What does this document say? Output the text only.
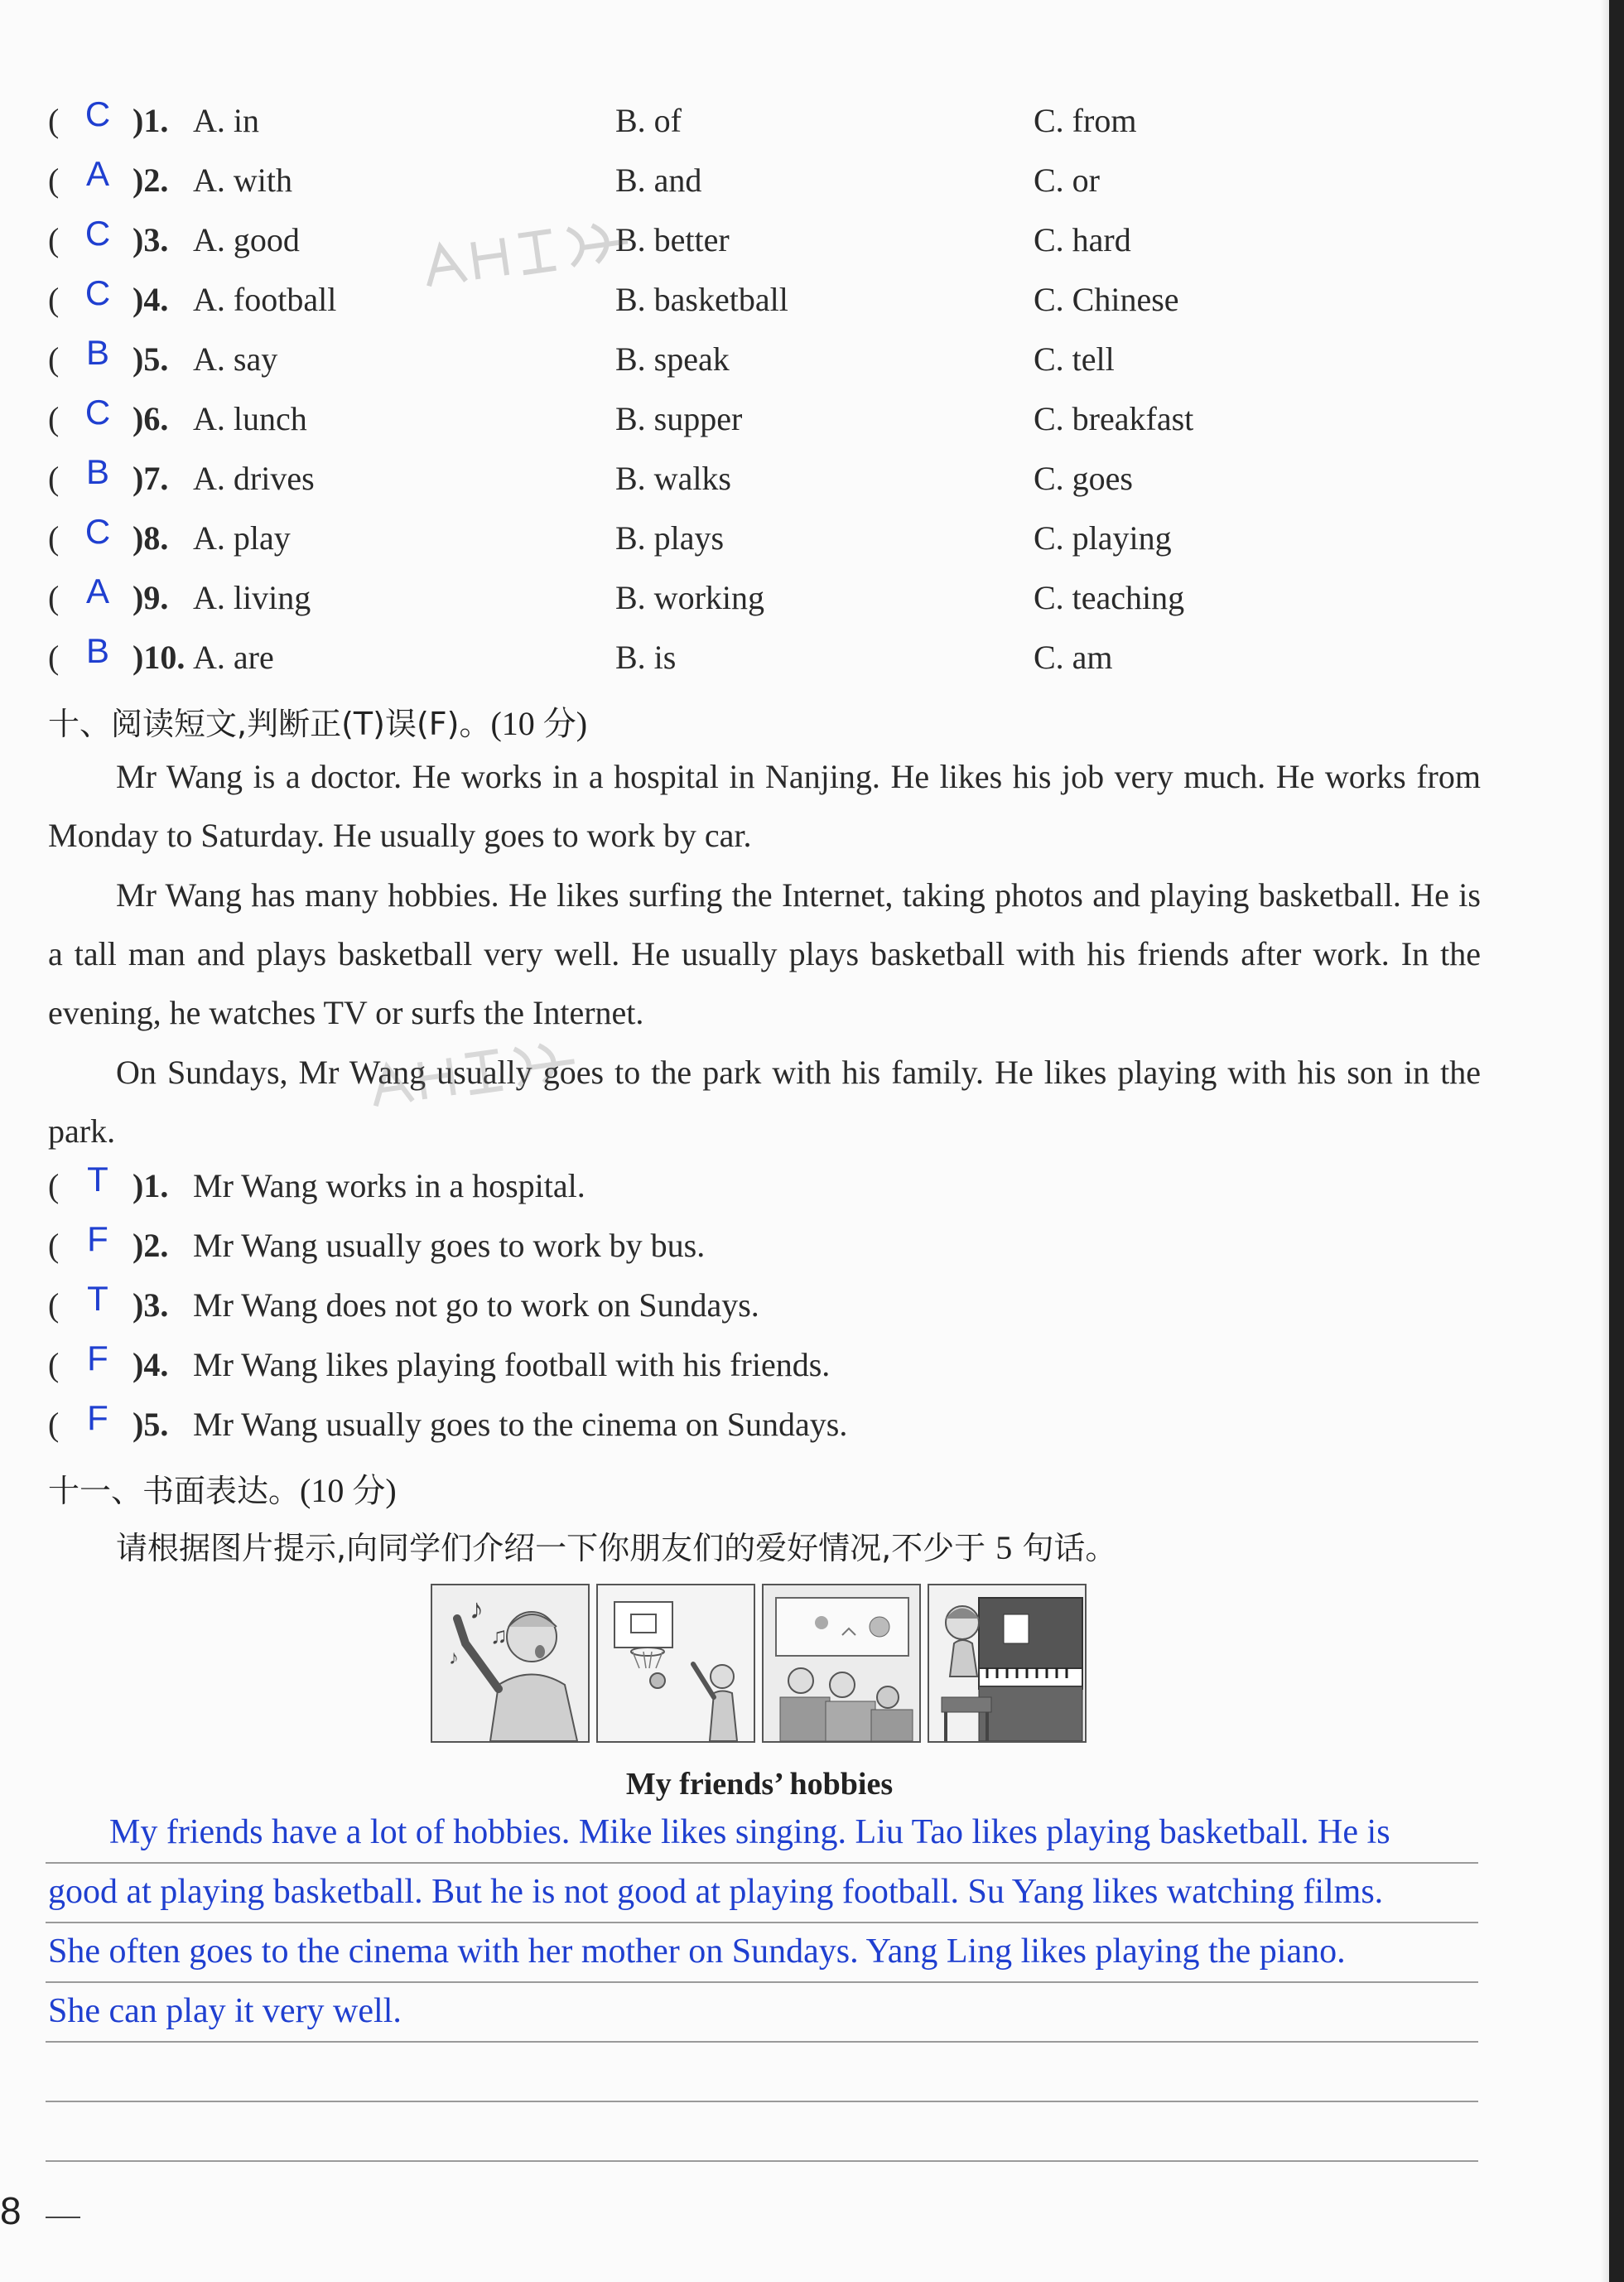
( C )1. A. in	B. of	C. from
( A )2. A. with	B. and	C. or
( C )3. A. good	B. better	C. hard
( C )4. A. football	B. basketball	C. Chinese
( B )5. A. say	B. speak	C. tell
( C )6. A. lunch	B. supper	C. breakfast
( B )7. A. drives	B. walks	C. goes
( C )8. A. play	B. plays	C. playing
( A )9. A. living	B. working	C. teaching
( B )10. A. are	B. is	C. am
十、阅读短文,判断正(T)误(F)。(10 分)

Mr Wang is a doctor. He works in a hospital in Nanjing. He likes his job very much. He works from Monday to Saturday. He usually goes to work by car.

Mr Wang has many hobbies. He likes surfing the Internet, taking photos and playing basketball. He is a tall man and plays basketball very well. He usually plays basketball with his friends after work. In the evening, he watches TV or surfs the Internet.

On Sundays, Mr Wang usually goes to the park with his family. He likes playing with his son in the park.

( T )1. Mr Wang works in a hospital.
( F )2. Mr Wang usually goes to work by bus.
( T )3. Mr Wang does not go to work on Sundays.
( F )4. Mr Wang likes playing football with his friends.
( F )5. Mr Wang usually goes to the cinema on Sundays.
十一、书面表达。(10 分)
请根据图片提示,向同学们介绍一下你朋友们的爱好情况,不少于 5 句话。
♪
♫
♪
My friends’ hobbies
My friends have a lot of hobbies. Mike likes singing. Liu Tao likes playing basketball. He is
good at playing basketball. But he is not good at playing football. Su Yang likes watching films.
She often goes to the cinema with her mother on Sundays. Yang Ling likes playing the piano.
She can play it very well.
8
